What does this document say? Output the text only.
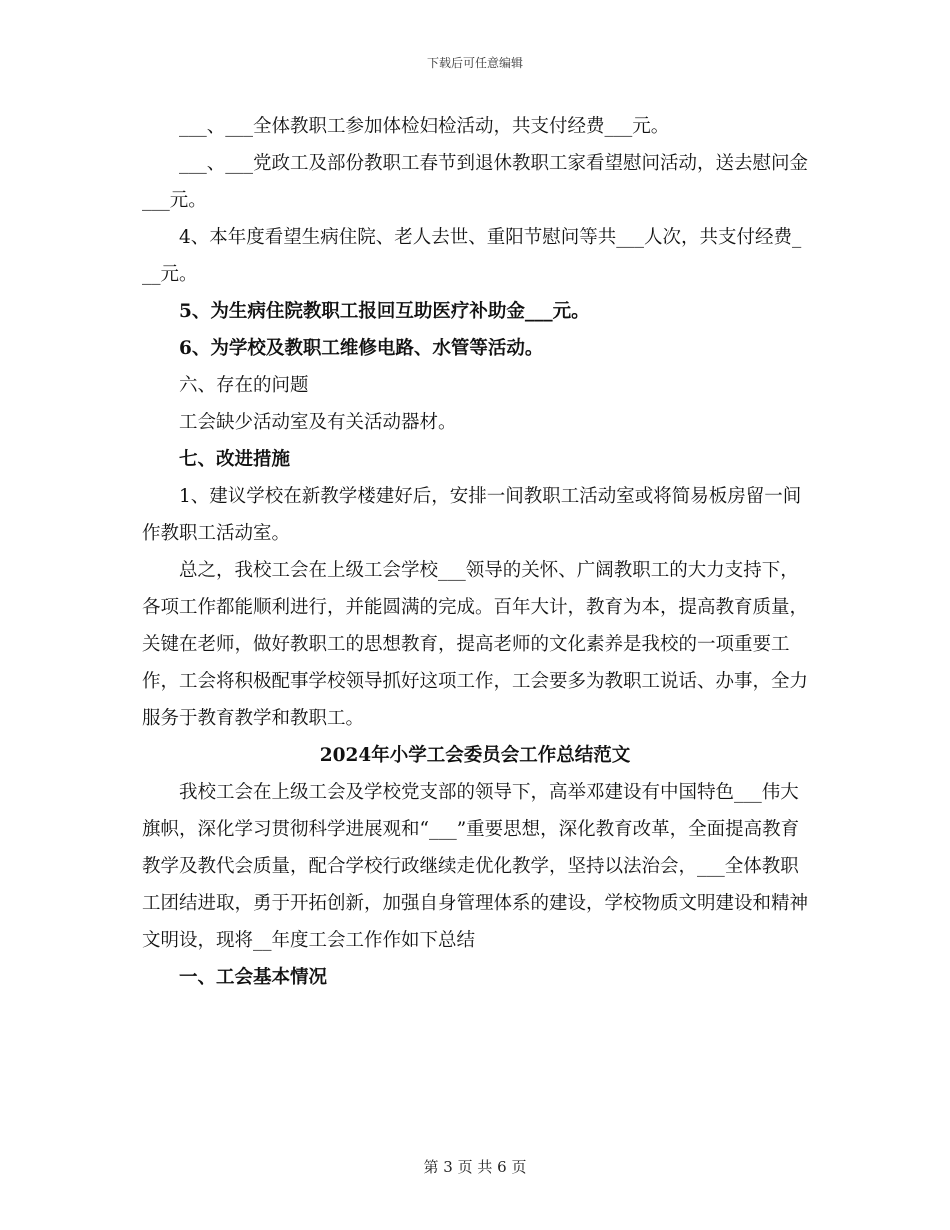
下载后可任意编辑

___、___全体教职工参加体检妇检活动，共支付经费___元。

___、___党政工及部份教职工春节到退休教职工家看望慰问活动，送去慰问金___元。

4、本年度看望生病住院、老人去世、重阳节慰问等共___人次，共支付经费___元。

5、为生病住院教职工报回互助医疗补助金___元。

6、为学校及教职工维修电路、水管等活动。

六、存在的问题

工会缺少活动室及有关活动器材。

七、改进措施

1、建议学校在新教学楼建好后，安排一间教职工活动室或将简易板房留一间作教职工活动室。

总之，我校工会在上级工会学校___领导的关怀、广阔教职工的大力支持下，各项工作都能顺利进行，并能圆满的完成。百年大计，教育为本，提高教育质量，关键在老师，做好教职工的思想教育，提高老师的文化素养是我校的一项重要工作，工会将积极配事学校领导抓好这项工作，工会要多为教职工说话、办事，全力服务于教育教学和教职工。

2024年小学工会委员会工作总结范文

我校工会在上级工会及学校党支部的领导下，高举邓建设有中国特色___伟大旗帜，深化学习贯彻科学进展观和“___”重要思想，深化教育改革，全面提高教育教学及教代会质量，配合学校行政继续走优化教学，坚持以法治会，___全体教职工团结进取，勇于开拓创新，加强自身管理体系的建设，学校物质文明建设和精神文明设，现将__年度工会工作作如下总结

一、工会基本情况

第 3 页 共 6 页
